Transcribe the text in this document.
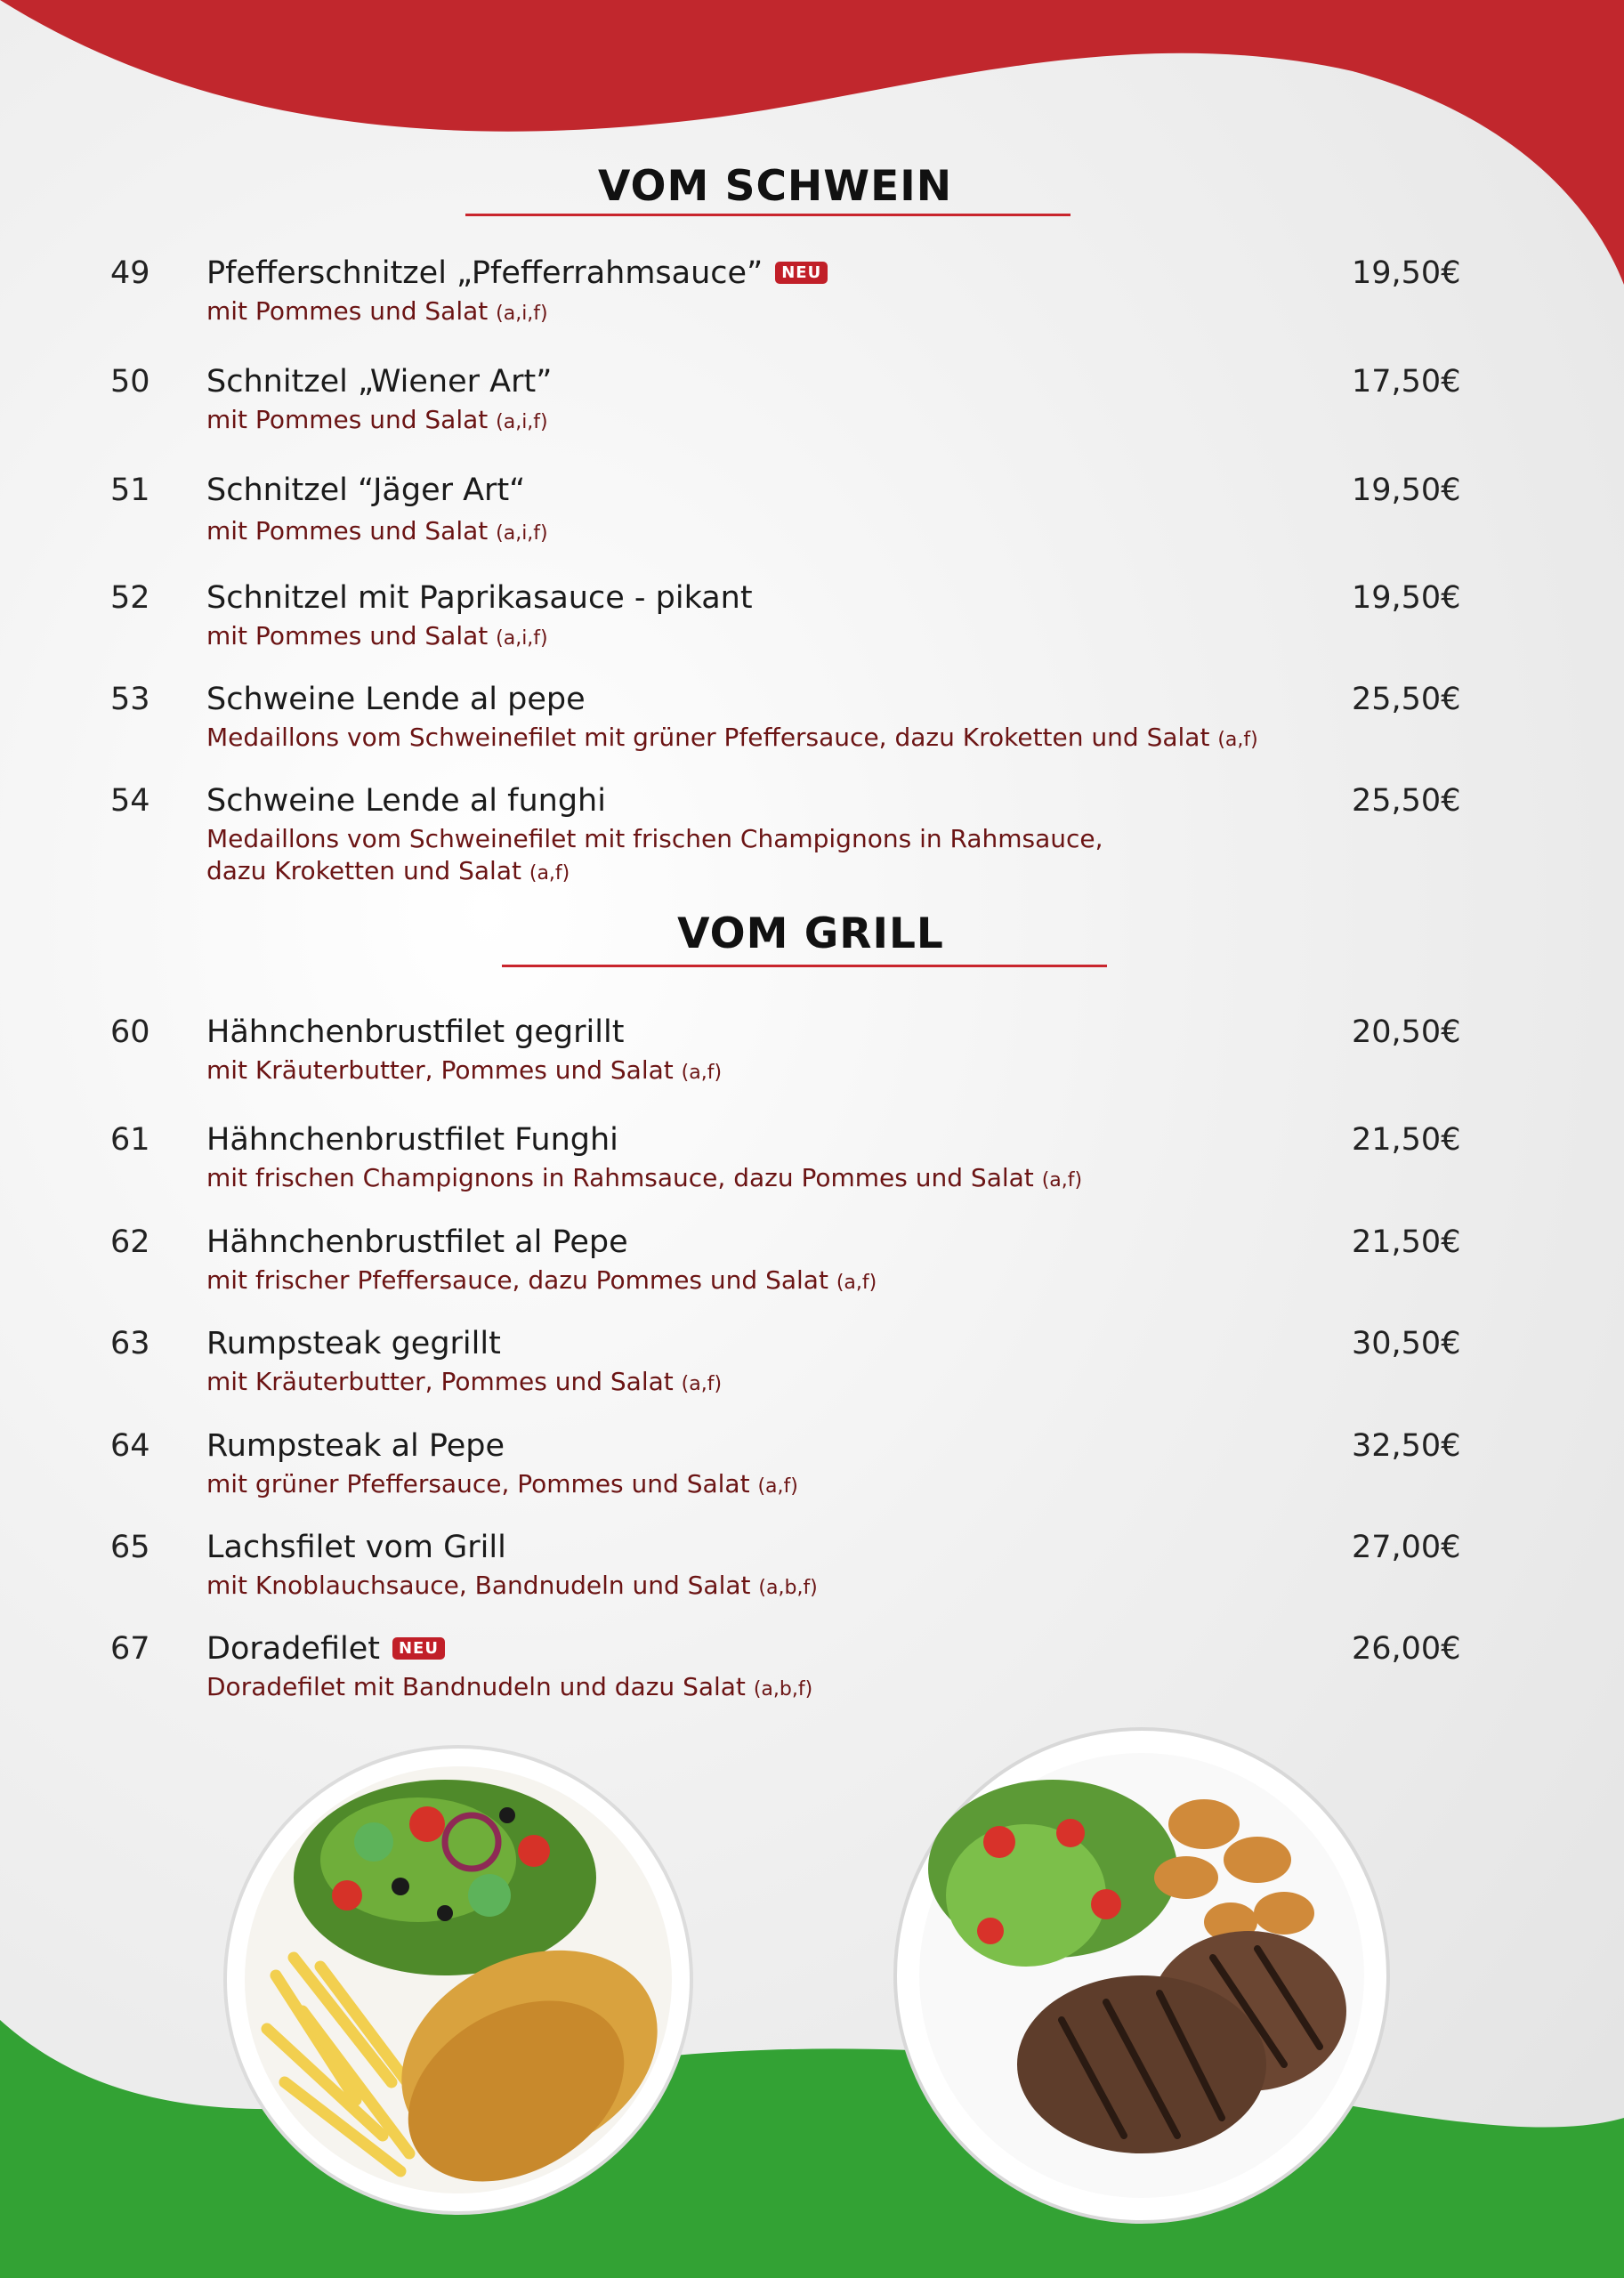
VOM SCHWEIN
49 Pfefferschnitzel „Pfefferrahmsauce” NEU
mit Pommes und Salat (a,i,f)
19,50€
50 Schnitzel „Wiener Art”
mit Pommes und Salat (a,i,f)
17,50€
51 Schnitzel “Jäger Art“
mit Pommes und Salat (a,i,f)
19,50€
52 Schnitzel mit Paprikasauce - pikant
mit Pommes und Salat (a,i,f)
19,50€
53 Schweine Lende al pepe
Medaillons vom Schweinefilet mit grüner Pfeffersauce, dazu Kroketten und Salat (a,f)
25,50€
54 Schweine Lende al funghi
Medaillons vom Schweinefilet mit frischen Champignons in Rahmsauce,
dazu Kroketten und Salat (a,f)
25,50€
VOM GRILL
60 Hähnchenbrustfilet gegrillt
mit Kräuterbutter, Pommes und Salat (a,f)
20,50€
61 Hähnchenbrustfilet Funghi
mit frischen Champignons in Rahmsauce, dazu Pommes und Salat (a,f)
21,50€
62 Hähnchenbrustfilet al Pepe
mit frischer Pfeffersauce, dazu Pommes und Salat (a,f)
21,50€
63 Rumpsteak gegrillt
mit Kräuterbutter, Pommes und Salat (a,f)
30,50€
64 Rumpsteak al Pepe
mit grüner Pfeffersauce, Pommes und Salat (a,f)
32,50€
65 Lachsfilet vom Grill
mit Knoblauchsauce, Bandnudeln und Salat (a,b,f)
27,00€
67 Doradefilet NEU
Doradefilet mit Bandnudeln und dazu Salat (a,b,f)
26,00€
